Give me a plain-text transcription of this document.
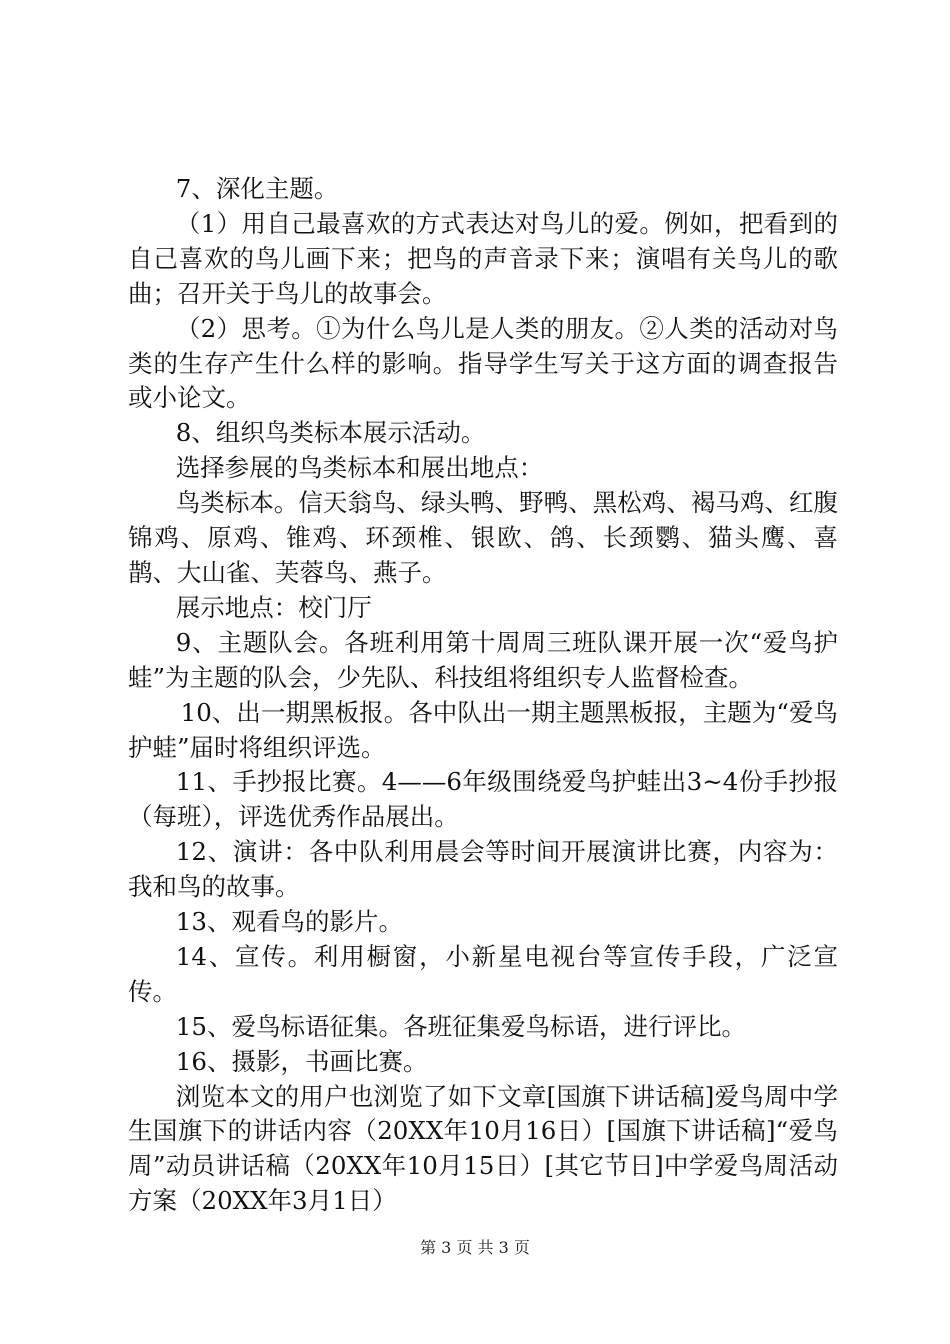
7、深化主题。

（1）用自己最喜欢的方式表达对鸟儿的爱。例如，把看到的自己喜欢的鸟儿画下来；把鸟的声音录下来；演唱有关鸟儿的歌曲；召开关于鸟儿的故事会。

（2）思考。①为什么鸟儿是人类的朋友。②人类的活动对鸟类的生存产生什么样的影响。指导学生写关于这方面的调查报告或小论文。

8、组织鸟类标本展示活动。

选择参展的鸟类标本和展出地点：

鸟类标本。信天翁鸟、绿头鸭、野鸭、黑松鸡、褐马鸡、红腹锦鸡、原鸡、锥鸡、环颈椎、银欧、鸽、长颈鹦、猫头鹰、喜鹊、大山雀、芙蓉鸟、燕子。

展示地点：校门厅

9、主题队会。各班利用第十周周三班队课开展一次“爱鸟护蛙”为主题的队会，少先队、科技组将组织专人监督检查。

10、出一期黑板报。各中队出一期主题黑板报，主题为“爱鸟护蛙”届时将组织评选。

11、手抄报比赛。4——6年级围绕爱鸟护蛙出3~4份手抄报（每班），评选优秀作品展出。

12、演讲：各中队利用晨会等时间开展演讲比赛，内容为：我和鸟的故事。

13、观看鸟的影片。

14、宣传。利用橱窗，小新星电视台等宣传手段，广泛宣传。

15、爱鸟标语征集。各班征集爱鸟标语，进行评比。

16、摄影，书画比赛。

浏览本文的用户也浏览了如下文章[国旗下讲话稿]爱鸟周中学生国旗下的讲话内容（20XX年10月16日）[国旗下讲话稿]“爱鸟周”动员讲话稿（20XX年10月15日）[其它节日]中学爱鸟周活动方案（20XX年3月1日）

第 3 页 共 3 页
